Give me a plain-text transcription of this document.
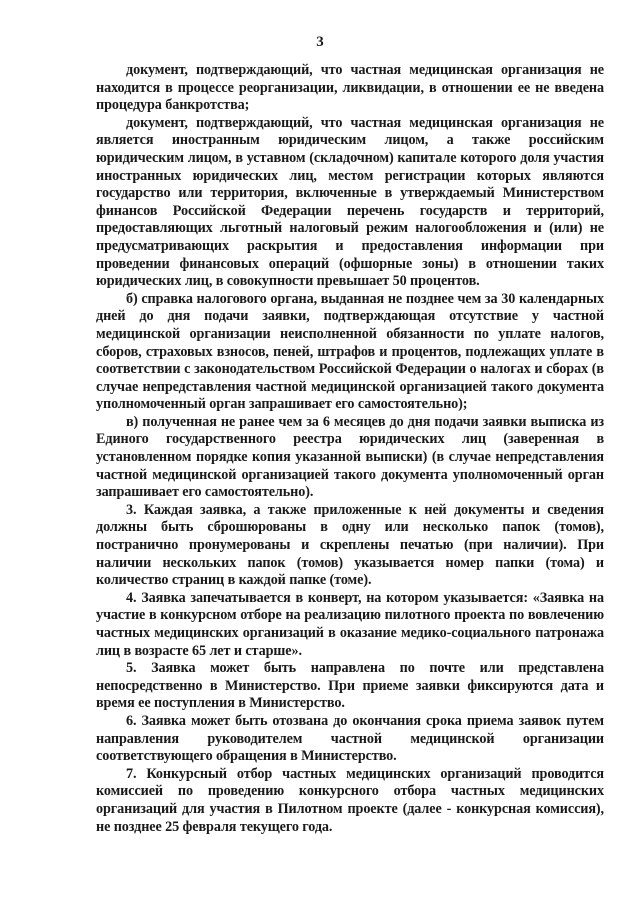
3

документ, подтверждающий, что частная медицинская организация не находится в процессе реорганизации, ликвидации, в отношении ее не введена процедура банкротства;

документ, подтверждающий, что частная медицинская организация не является иностранным юридическим лицом, а также российским юридическим лицом, в уставном (складочном) капитале которого доля участия иностранных юридических лиц, местом регистрации которых являются государство или территория, включенные в утверждаемый Министерством финансов Российской Федерации перечень государств и территорий, предоставляющих льготный налоговый режим налогообложения и (или) не предусматривающих раскрытия и предоставления информации при проведении финансовых операций (офшорные зоны) в отношении таких юридических лиц, в совокупности превышает 50 процентов.

б) справка налогового органа, выданная не позднее чем за 30 календарных дней до дня подачи заявки, подтверждающая отсутствие у частной медицинской организации неисполненной обязанности по уплате налогов, сборов, страховых взносов, пеней, штрафов и процентов, подлежащих уплате в соответствии с законодательством Российской Федерации о налогах и сборах (в случае непредставления частной медицинской организацией такого документа уполномоченный орган запрашивает его самостоятельно);

в) полученная не ранее чем за 6 месяцев до дня подачи заявки выписка из Единого государственного реестра юридических лиц (заверенная в установленном порядке копия указанной выписки) (в случае непредставления частной медицинской организацией такого документа уполномоченный орган запрашивает его самостоятельно).

3. Каждая заявка, а также приложенные к ней документы и сведения должны быть сброшюрованы в одну или несколько папок (томов), постранично пронумерованы и скреплены печатью (при наличии). При наличии нескольких папок (томов) указывается номер папки (тома) и количество страниц в каждой папке (томе).

4. Заявка запечатывается в конверт, на котором указывается: «Заявка на участие в конкурсном отборе на реализацию пилотного проекта по вовлечению частных медицинских организаций в оказание медико-социального патронажа лиц в возрасте 65 лет и старше».

5. Заявка может быть направлена по почте или представлена непосредственно в Министерство. При приеме заявки фиксируются дата и время ее поступления в Министерство.

6. Заявка может быть отозвана до окончания срока приема заявок путем направления руководителем частной медицинской организации соответствующего обращения в Министерство.

7. Конкурсный отбор частных медицинских организаций проводится комиссией по проведению конкурсного отбора частных медицинских организаций для участия в Пилотном проекте (далее - конкурсная комиссия), не позднее 25 февраля текущего года.
